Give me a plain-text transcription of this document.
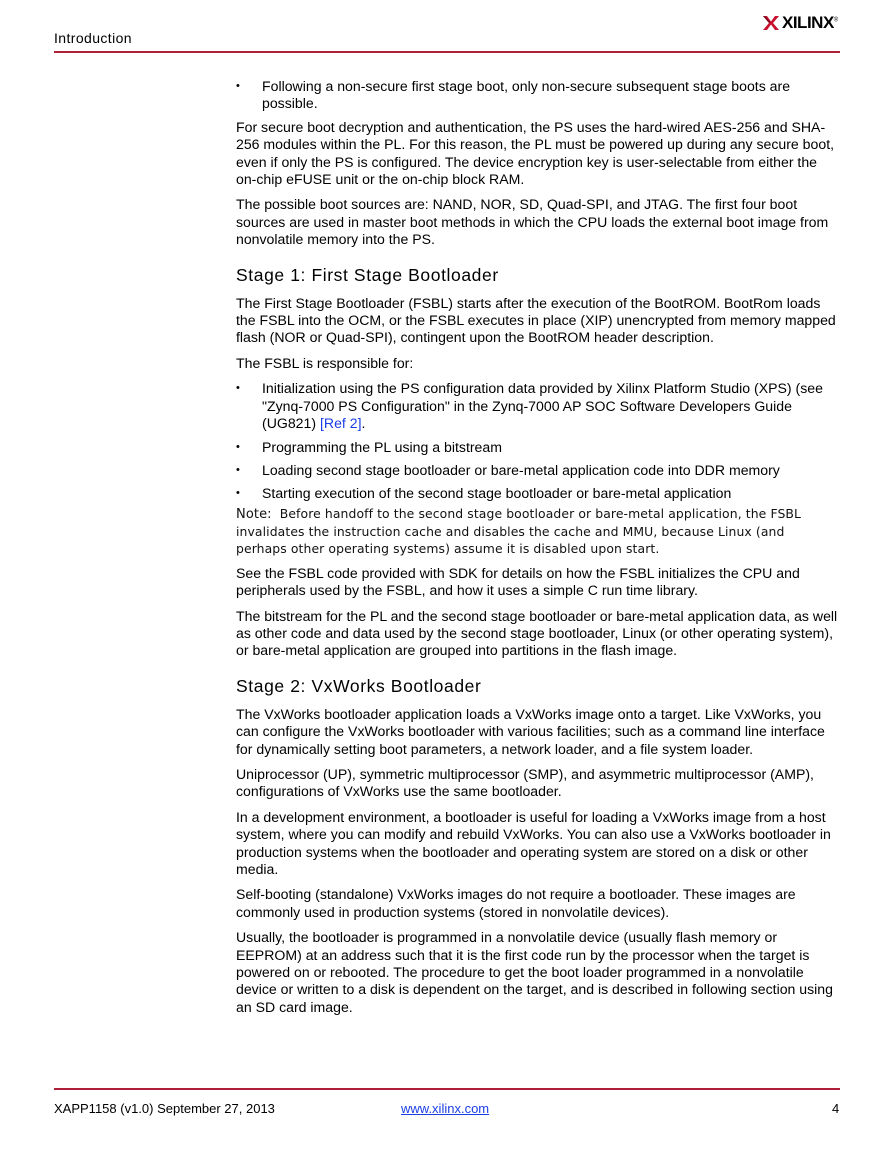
Introduction
XILINX®
• Following a non-secure first stage boot, only non-secure subsequent stage boots are possible.

For secure boot decryption and authentication, the PS uses the hard-wired AES-256 and SHA-256 modules within the PL. For this reason, the PL must be powered up during any secure boot, even if only the PS is configured. The device encryption key is user-selectable from either the on-chip eFUSE unit or the on-chip block RAM.

The possible boot sources are: NAND, NOR, SD, Quad-SPI, and JTAG. The first four boot sources are used in master boot methods in which the CPU loads the external boot image from nonvolatile memory into the PS.

Stage 1: First Stage Bootloader

The First Stage Bootloader (FSBL) starts after the execution of the BootROM. BootRom loads the FSBL into the OCM, or the FSBL executes in place (XIP) unencrypted from memory mapped flash (NOR or Quad-SPI), contingent upon the BootROM header description.

The FSBL is responsible for:

• Initialization using the PS configuration data provided by Xilinx Platform Studio (XPS) (see "Zynq-7000 PS Configuration" in the Zynq-7000 AP SOC Software Developers Guide (UG821) [Ref 2].
• Programming the PL using a bitstream
• Loading second stage bootloader or bare-metal application code into DDR memory
• Starting execution of the second stage bootloader or bare-metal application
Note: Before handoff to the second stage bootloader or bare-metal application, the FSBL invalidates the instruction cache and disables the cache and MMU, because Linux (and perhaps other operating systems) assume it is disabled upon start.

See the FSBL code provided with SDK for details on how the FSBL initializes the CPU and peripherals used by the FSBL, and how it uses a simple C run time library.

The bitstream for the PL and the second stage bootloader or bare-metal application data, as well as other code and data used by the second stage bootloader, Linux (or other operating system), or bare-metal application are grouped into partitions in the flash image.

Stage 2: VxWorks Bootloader

The VxWorks bootloader application loads a VxWorks image onto a target. Like VxWorks, you can configure the VxWorks bootloader with various facilities; such as a command line interface for dynamically setting boot parameters, a network loader, and a file system loader.

Uniprocessor (UP), symmetric multiprocessor (SMP), and asymmetric multiprocessor (AMP), configurations of VxWorks use the same bootloader.

In a development environment, a bootloader is useful for loading a VxWorks image from a host system, where you can modify and rebuild VxWorks. You can also use a VxWorks bootloader in production systems when the bootloader and operating system are stored on a disk or other media.

Self-booting (standalone) VxWorks images do not require a bootloader. These images are commonly used in production systems (stored in nonvolatile devices).

Usually, the bootloader is programmed in a nonvolatile device (usually flash memory or EEPROM) at an address such that it is the first code run by the processor when the target is powered on or rebooted. The procedure to get the boot loader programmed in a nonvolatile device or written to a disk is dependent on the target, and is described in following section using an SD card image.

XAPP1158 (v1.0) September 27, 2013	www.xilinx.com	4
